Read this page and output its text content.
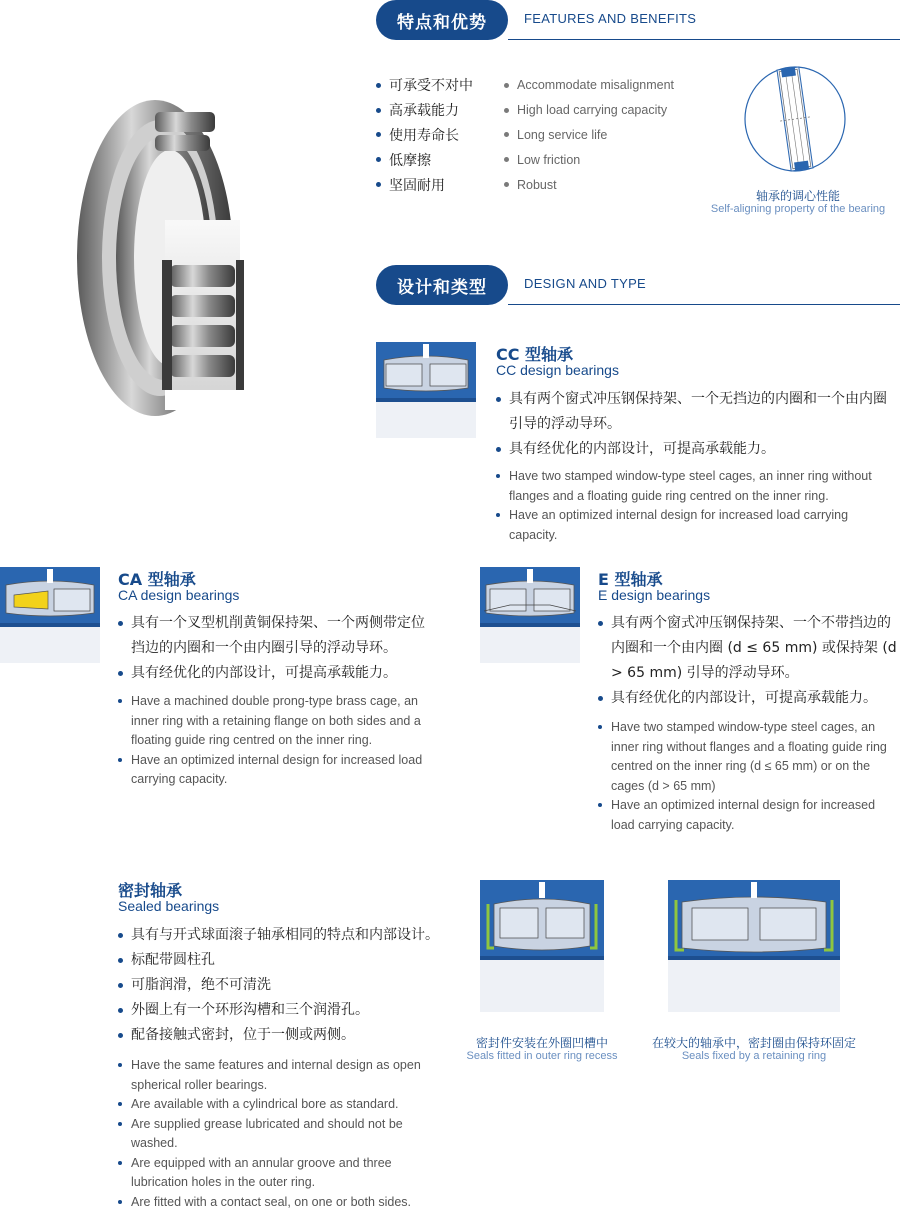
特点和优势	FEATURES AND BENEFITS
可承受不对中
高承载能力
使用寿命长
低摩擦
坚固耐用
Accommodate misalignment
High load carrying capacity
Long service life
Low friction
Robust
轴承的调心性能
Self-aligning property of the bearing
设计和类型	DESIGN AND TYPE
CC 型轴承
CC design bearings
具有两个窗式冲压钢保持架、一个无挡边的内圈和一个由内圈引导的浮动导环。
具有经优化的内部设计，可提高承载能力。
Have two stamped window-type steel cages, an inner ring without flanges and a floating guide ring centred on the inner ring.
Have an optimized internal design for increased load carrying capacity.
CA 型轴承
CA design bearings
具有一个叉型机削黄铜保持架、一个两侧带定位挡边的内圈和一个由内圈引导的浮动导环。
具有经优化的内部设计，可提高承载能力。
Have a machined double prong-type brass cage, an inner ring with a retaining flange on both sides and a floating guide ring centred on the inner ring.
Have an optimized internal design for increased load carrying capacity.
E 型轴承
E design bearings
具有两个窗式冲压钢保持架、一个不带挡边的内圈和一个由内圈 (d ≤ 65 mm) 或保持架 (d > 65 mm) 引导的浮动导环。
具有经优化的内部设计，可提高承载能力。
Have two stamped window-type steel cages, an inner ring without flanges and a floating guide ring centred on the inner ring (d ≤ 65 mm) or on the cages (d > 65 mm)
Have an optimized internal design for increased load carrying capacity.
密封轴承
Sealed bearings
具有与开式球面滚子轴承相同的特点和内部设计。
标配带圆柱孔
可脂润滑，绝不可清洗
外圈上有一个环形沟槽和三个润滑孔。
配备接触式密封，位于一侧或两侧。
Have the same features and internal design as open spherical roller bearings.
Are available with a cylindrical bore as standard.
Are supplied grease lubricated and should not be washed.
Are equipped with an annular groove and three lubrication holes in the outer ring.
Are fitted with a contact seal, on one or both sides.
密封件安装在外圈凹槽中
Seals fitted in outer ring recess
在较大的轴承中，密封圈由保持环固定
Seals fixed by a retaining ring
